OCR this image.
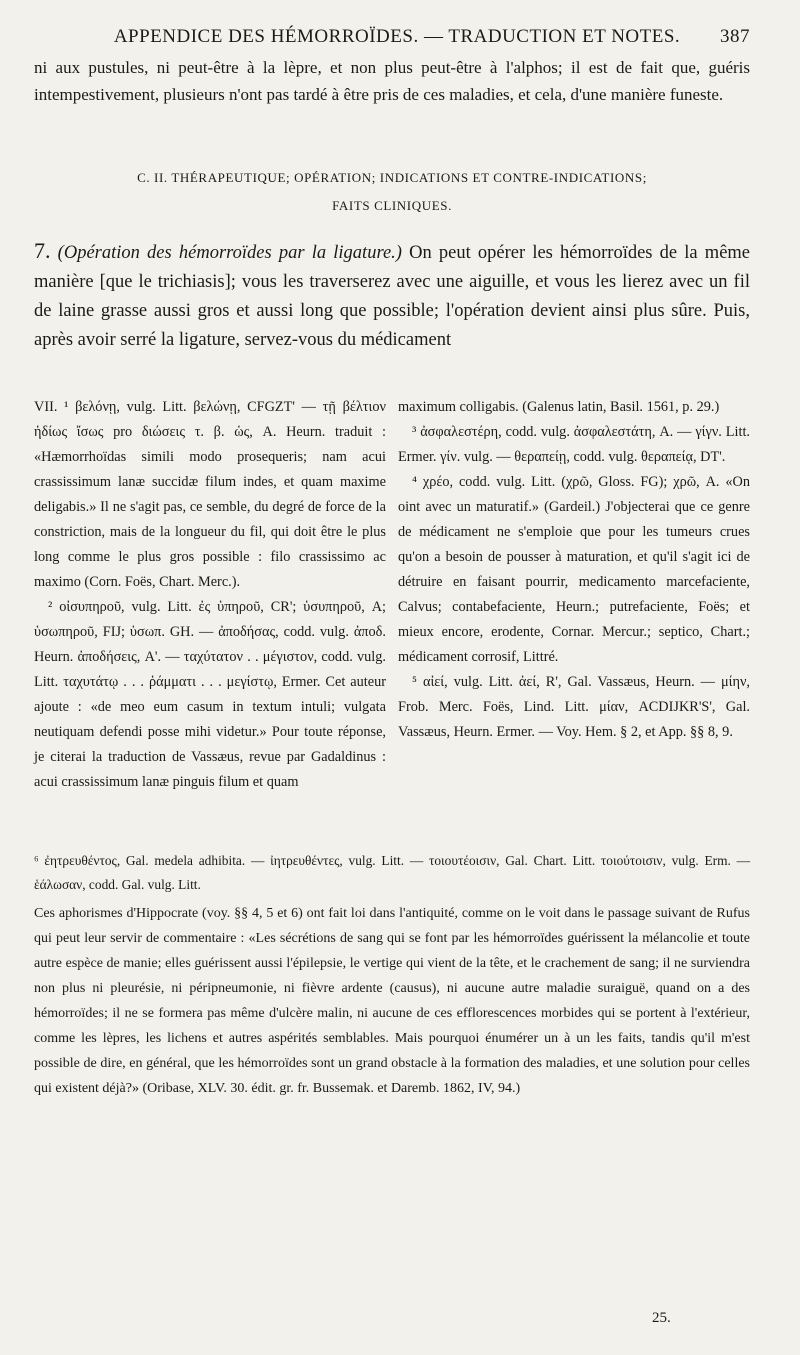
APPENDICE DES HÉMORROÏDES. — TRADUCTION ET NOTES.	387

ni aux pustules, ni peut-être à la lèpre, et non plus peut-être à l'alphos; il est de fait que, guéris intempestivement, plusieurs n'ont pas tardé à être pris de ces maladies, et cela, d'une manière funeste.

C. II. THÉRAPEUTIQUE; OPÉRATION; INDICATIONS ET CONTRE-INDICATIONS;
FAITS CLINIQUES.

7. (Opération des hémorroïdes par la ligature.) On peut opérer les hémorroïdes de la même manière [que le trichiasis]; vous les traverserez avec une aiguille, et vous les lierez avec un fil de laine grasse aussi gros et aussi long que possible; l'opération devient ainsi plus sûre. Puis, après avoir serré la ligature, servez-vous du médicament

VII. ¹ βελόνῃ, vulg. Litt. βελώνῃ, CFGZT' — τῇ βέλτιον ἡδίως ἴσως pro διώσεις τ. β. ὡς, A. Heurn. traduit : «Hæmorrhoïdas simili modo prosequeris; nam acui crassissimum lanæ succidæ filum indes, et quam maxime deligabis.» Il ne s'agit pas, ce semble, du degré de force de la constriction, mais de la longueur du fil, qui doit être le plus long comme le plus gros possible : filo crassissimo ac maximo (Corn. Foës, Chart. Merc.).

² οἰσυπηροῦ, vulg. Litt. ἐς ὑπηροῦ, CR'; ὑσυπηροῦ, A; ὑσωπηροῦ, FIJ; ὑσωπ. GH. — ἀποδήσας, codd. vulg. ἀποδ. Heurn. ἀποδήσεις, A'. — ταχύτατον . . μέγιστον, codd. vulg. Litt. ταχυτάτῳ . . . ῥάμματι . . . μεγίστῳ, Ermer. Cet auteur ajoute : «de meo eum casum in textum intuli; vulgata neutiquam defendi posse mihi videtur.» Pour toute réponse, je citerai la traduction de Vassæus, revue par Gadaldinus : acui crassissimum lanæ pinguis filum et quam

maximum colligabis. (Galenus latin, Basil. 1561, p. 29.)

³ ἀσφαλεστέρη, codd. vulg. ἀσφαλεστάτη, A. — γίγν. Litt. Ermer. γίν. vulg. — θεραπείῃ, codd. vulg. θεραπείᾳ, DT'.

⁴ χρέο, codd. vulg. Litt. (χρῶ, Gloss. FG); χρῶ, A. «On oint avec un maturatif.» (Gardeil.) J'objecterai que ce genre de médicament ne s'emploie que pour les tumeurs crues qu'on a besoin de pousser à maturation, et qu'il s'agit ici de détruire en faisant pourrir, medicamento marcefaciente, Calvus; contabefaciente, Heurn.; putrefaciente, Foës; et mieux encore, erodente, Cornar. Mercur.; septico, Chart.; médicament corrosif, Littré.

⁵ αἰεί, vulg. Litt. ἀεί, R', Gal. Vassæus, Heurn. — μίην, Frob. Merc. Foës, Lind. Litt. μίαν, ACDIJKR'S', Gal. Vassæus, Heurn. Ermer. — Voy. Hem. § 2, et App. §§ 8, 9.

⁶ ἐητρευθέντος, Gal. medela adhibita. — ἰητρευθέντες, vulg. Litt. — τοιουτέοισιν, Gal. Chart. Litt. τοιούτοισιν, vulg. Erm. — ἑάλωσαν, codd. Gal. vulg. Litt.

Ces aphorismes d'Hippocrate (voy. §§ 4, 5 et 6) ont fait loi dans l'antiquité, comme on le voit dans le passage suivant de Rufus qui peut leur servir de commentaire : «Les sécrétions de sang qui se font par les hémorroïdes guérissent la mélancolie et toute autre espèce de manie; elles guérissent aussi l'épilepsie, le vertige qui vient de la tête, et le crachement de sang; il ne surviendra non plus ni pleurésie, ni péripneumonie, ni fièvre ardente (causus), ni aucune autre maladie suraiguë, quand on a des hémorroïdes; il ne se formera pas même d'ulcère malin, ni aucune de ces efflorescences morbides qui se portent à l'extérieur, comme les lèpres, les lichens et autres aspérités semblables. Mais pourquoi énumérer un à un les faits, tandis qu'il m'est possible de dire, en général, que les hémorroïdes sont un grand obstacle à la formation des maladies, et une solution pour celles qui existent déjà?» (Oribase, XLV. 30. édit. gr. fr. Bussemak. et Daremb. 1862, IV, 94.)

25.
